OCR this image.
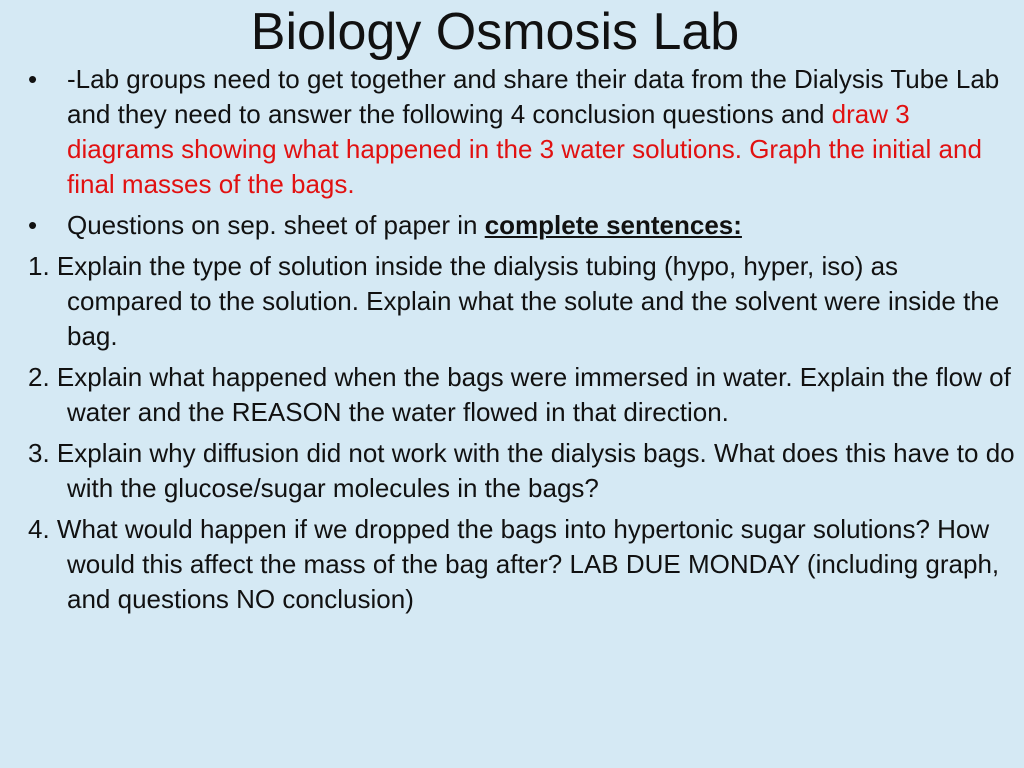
Biology Osmosis Lab
•	-Lab groups need to get together and share their data from the Dialysis Tube Lab and they need to answer the following 4 conclusion questions and draw 3 diagrams showing what happened in the 3 water solutions. Graph the initial and final masses of the bags.
•	Questions on sep. sheet of paper in complete sentences:
1. Explain the type of solution inside the dialysis tubing (hypo, hyper, iso) as compared to the solution. Explain what the solute and the solvent were inside the bag.
2. Explain what happened when the bags were immersed in water. Explain the flow of water and the REASON the water flowed in that direction.
3. Explain why diffusion did not work with the dialysis bags. What does this have to do with the glucose/sugar molecules in the bags?
4. What would happen if we dropped the bags into hypertonic sugar solutions? How would this affect the mass of the bag after? LAB DUE MONDAY (including graph, and questions NO conclusion)
